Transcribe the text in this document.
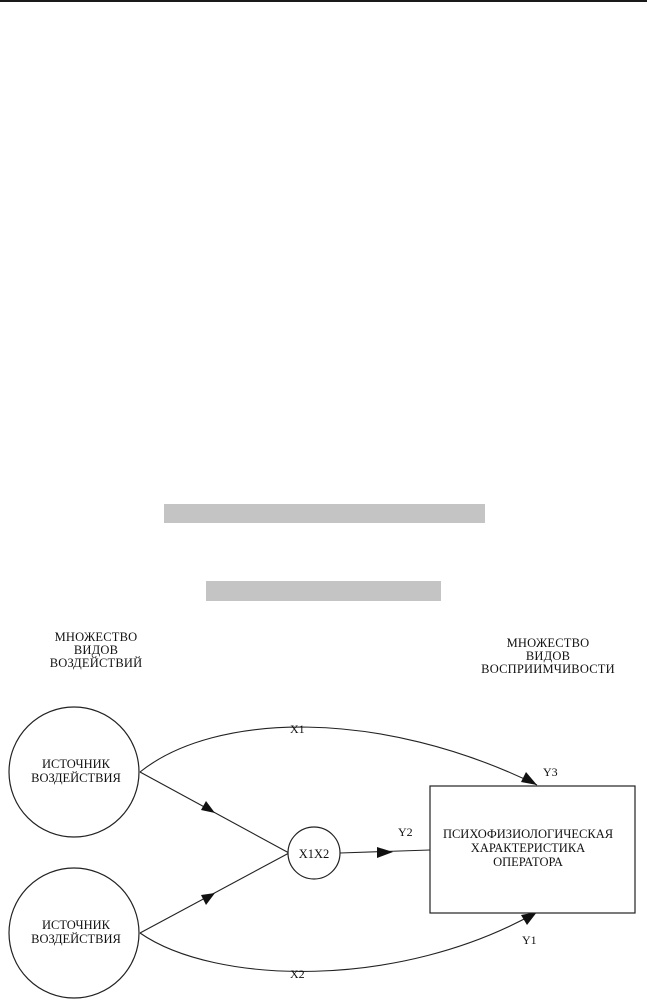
МНОЖЕСТВО
ВИДОВ
ВОЗДЕЙСТВИЙ
МНОЖЕСТВО
ВИДОВ
ВОСПРИИМЧИВОСТИ
ИСТОЧНИК
ВОЗДЕЙСТВИЯ
ИСТОЧНИК
ВОЗДЕЙСТВИЯ
X1X2
ПСИХОФИЗИОЛОГИЧЕСКАЯ
ХАРАКТЕРИСТИКА
ОПЕРАТОРА
X1
X2
Y3
Y2
Y1
